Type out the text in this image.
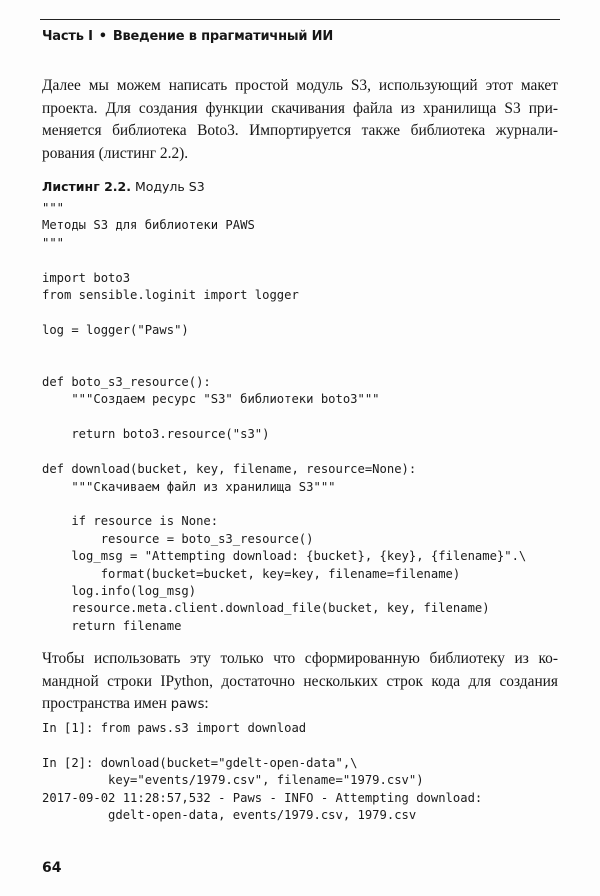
Часть I • Введение в прагматичный ИИ
Далее мы можем написать простой модуль S3, использующий этот макет
проекта. Для создания функции скачивания файла из хранилища S3 при-
меняется библиотека Boto3. Импортируется также библиотека журнали-
рования (листинг 2.2).
Листинг 2.2. Модуль S3
"""
Методы S3 для библиотеки PAWS
"""

import boto3
from sensible.loginit import logger

log = logger("Paws")

def boto_s3_resource():
"""Создаем ресурс "S3" библиотеки boto3"""

return boto3.resource("s3")

def download(bucket, key, filename, resource=None):
"""Скачиваем файл из хранилища S3"""

if resource is None:
resource = boto_s3_resource()
log_msg = "Attempting download: {bucket}, {key}, {filename}".\
format(bucket=bucket, key=key, filename=filename)
log.info(log_msg)
resource.meta.client.download_file(bucket, key, filename)
return filename
Чтобы использовать эту только что сформированную библиотеку из ко-
мандной строки IPython, достаточно нескольких строк кода для создания
пространства имен paws:
In [1]: from paws.s3 import download
In [2]: download(bucket="gdelt-open-data",\
key="events/1979.csv", filename="1979.csv")
2017-09-02 11:28:57,532 - Paws - INFO - Attempting download:
gdelt-open-data, events/1979.csv, 1979.csv
64
